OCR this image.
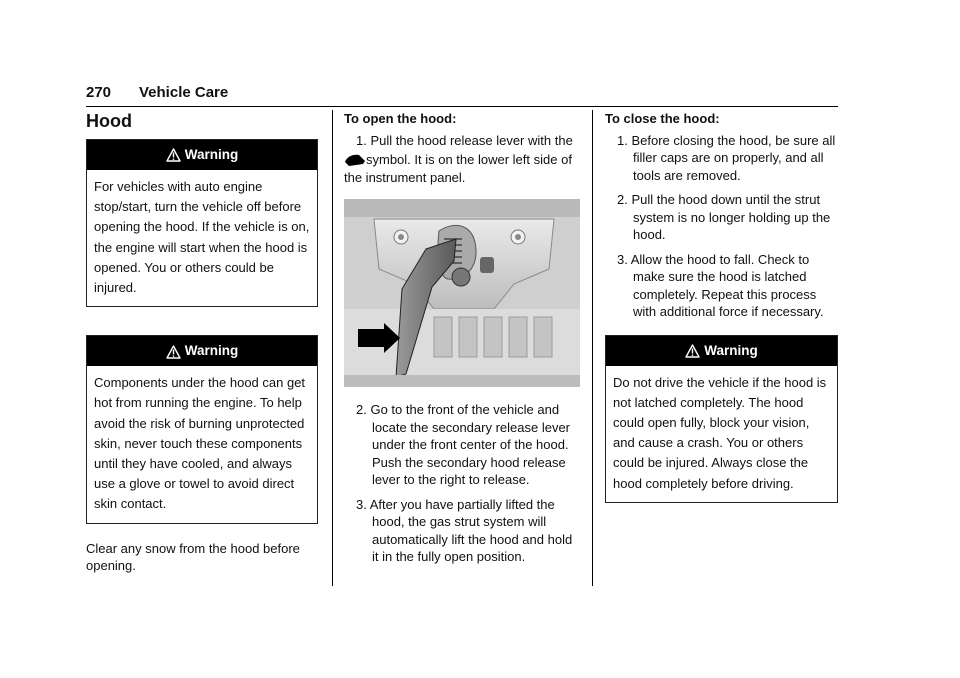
270 Vehicle Care
Hood
Warning
For vehicles with auto engine stop/start, turn the vehicle off before opening the hood. If the vehicle is on, the engine will start when the hood is opened. You or others could be injured.
Warning
Components under the hood can get hot from running the engine. To help avoid the risk of burning unprotected skin, never touch these components until they have cooled, and always use a glove or towel to avoid direct skin contact.

Clear any snow from the hood before opening.

To open the hood:

1. Pull the hood release lever with the

symbol. It is on the lower left side of the instrument panel.

2. Go to the front of the vehicle and locate the secondary release lever under the front center of the hood. Push the secondary hood release lever to the right to release.

3. After you have partially lifted the hood, the gas strut system will automatically lift the hood and hold it in the fully open position.

To close the hood:

1. Before closing the hood, be sure all filler caps are on properly, and all tools are removed.

2. Pull the hood down until the strut system is no longer holding up the hood.

3. Allow the hood to fall. Check to make sure the hood is latched completely. Repeat this process with additional force if necessary.

Warning
Do not drive the vehicle if the hood is not latched completely. The hood could open fully, block your vision, and cause a crash. You or others could be injured. Always close the hood completely before driving.
